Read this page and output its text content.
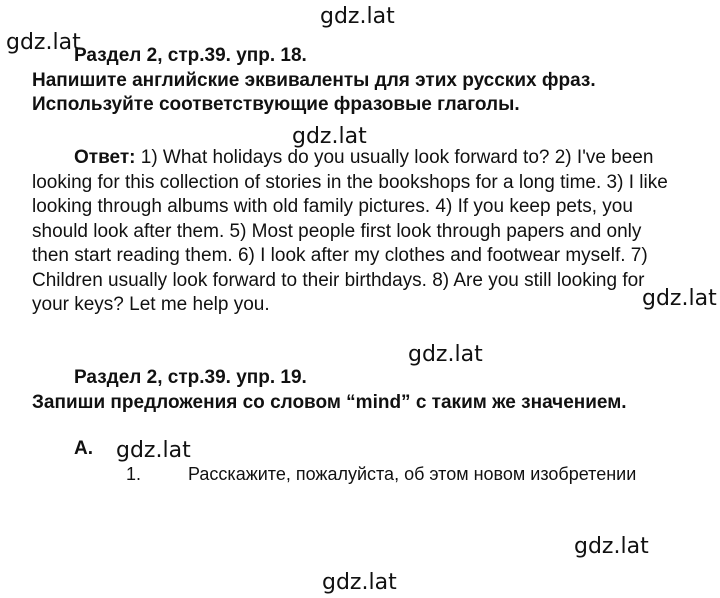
gdz.lat
gdz.lat
gdz.lat
gdz.lat
gdz.lat
gdz.lat
gdz.lat
gdz.lat

Раздел 2, стр.39. упр. 18.
Напишите английские эквиваленты для этих русских фраз. Используйте соответствующие фразовые глаголы.

Ответ: 1) What holidays do you usually look forward to? 2) I've been looking for this collection of stories in the bookshops for a long time. 3) I like looking through albums with old family pictures. 4) If you keep pets, you should look after them. 5) Most people first look through papers and only then start reading them. 6) I look after my clothes and footwear myself. 7) Children usually look forward to their birthdays. 8) Are you still looking for your keys? Let me help you.

Раздел 2, стр.39. упр. 19.
Запиши предложения со словом “mind” с таким же значением.

А.

1.	Расскажите, пожалуйста, об этом новом изобретении
